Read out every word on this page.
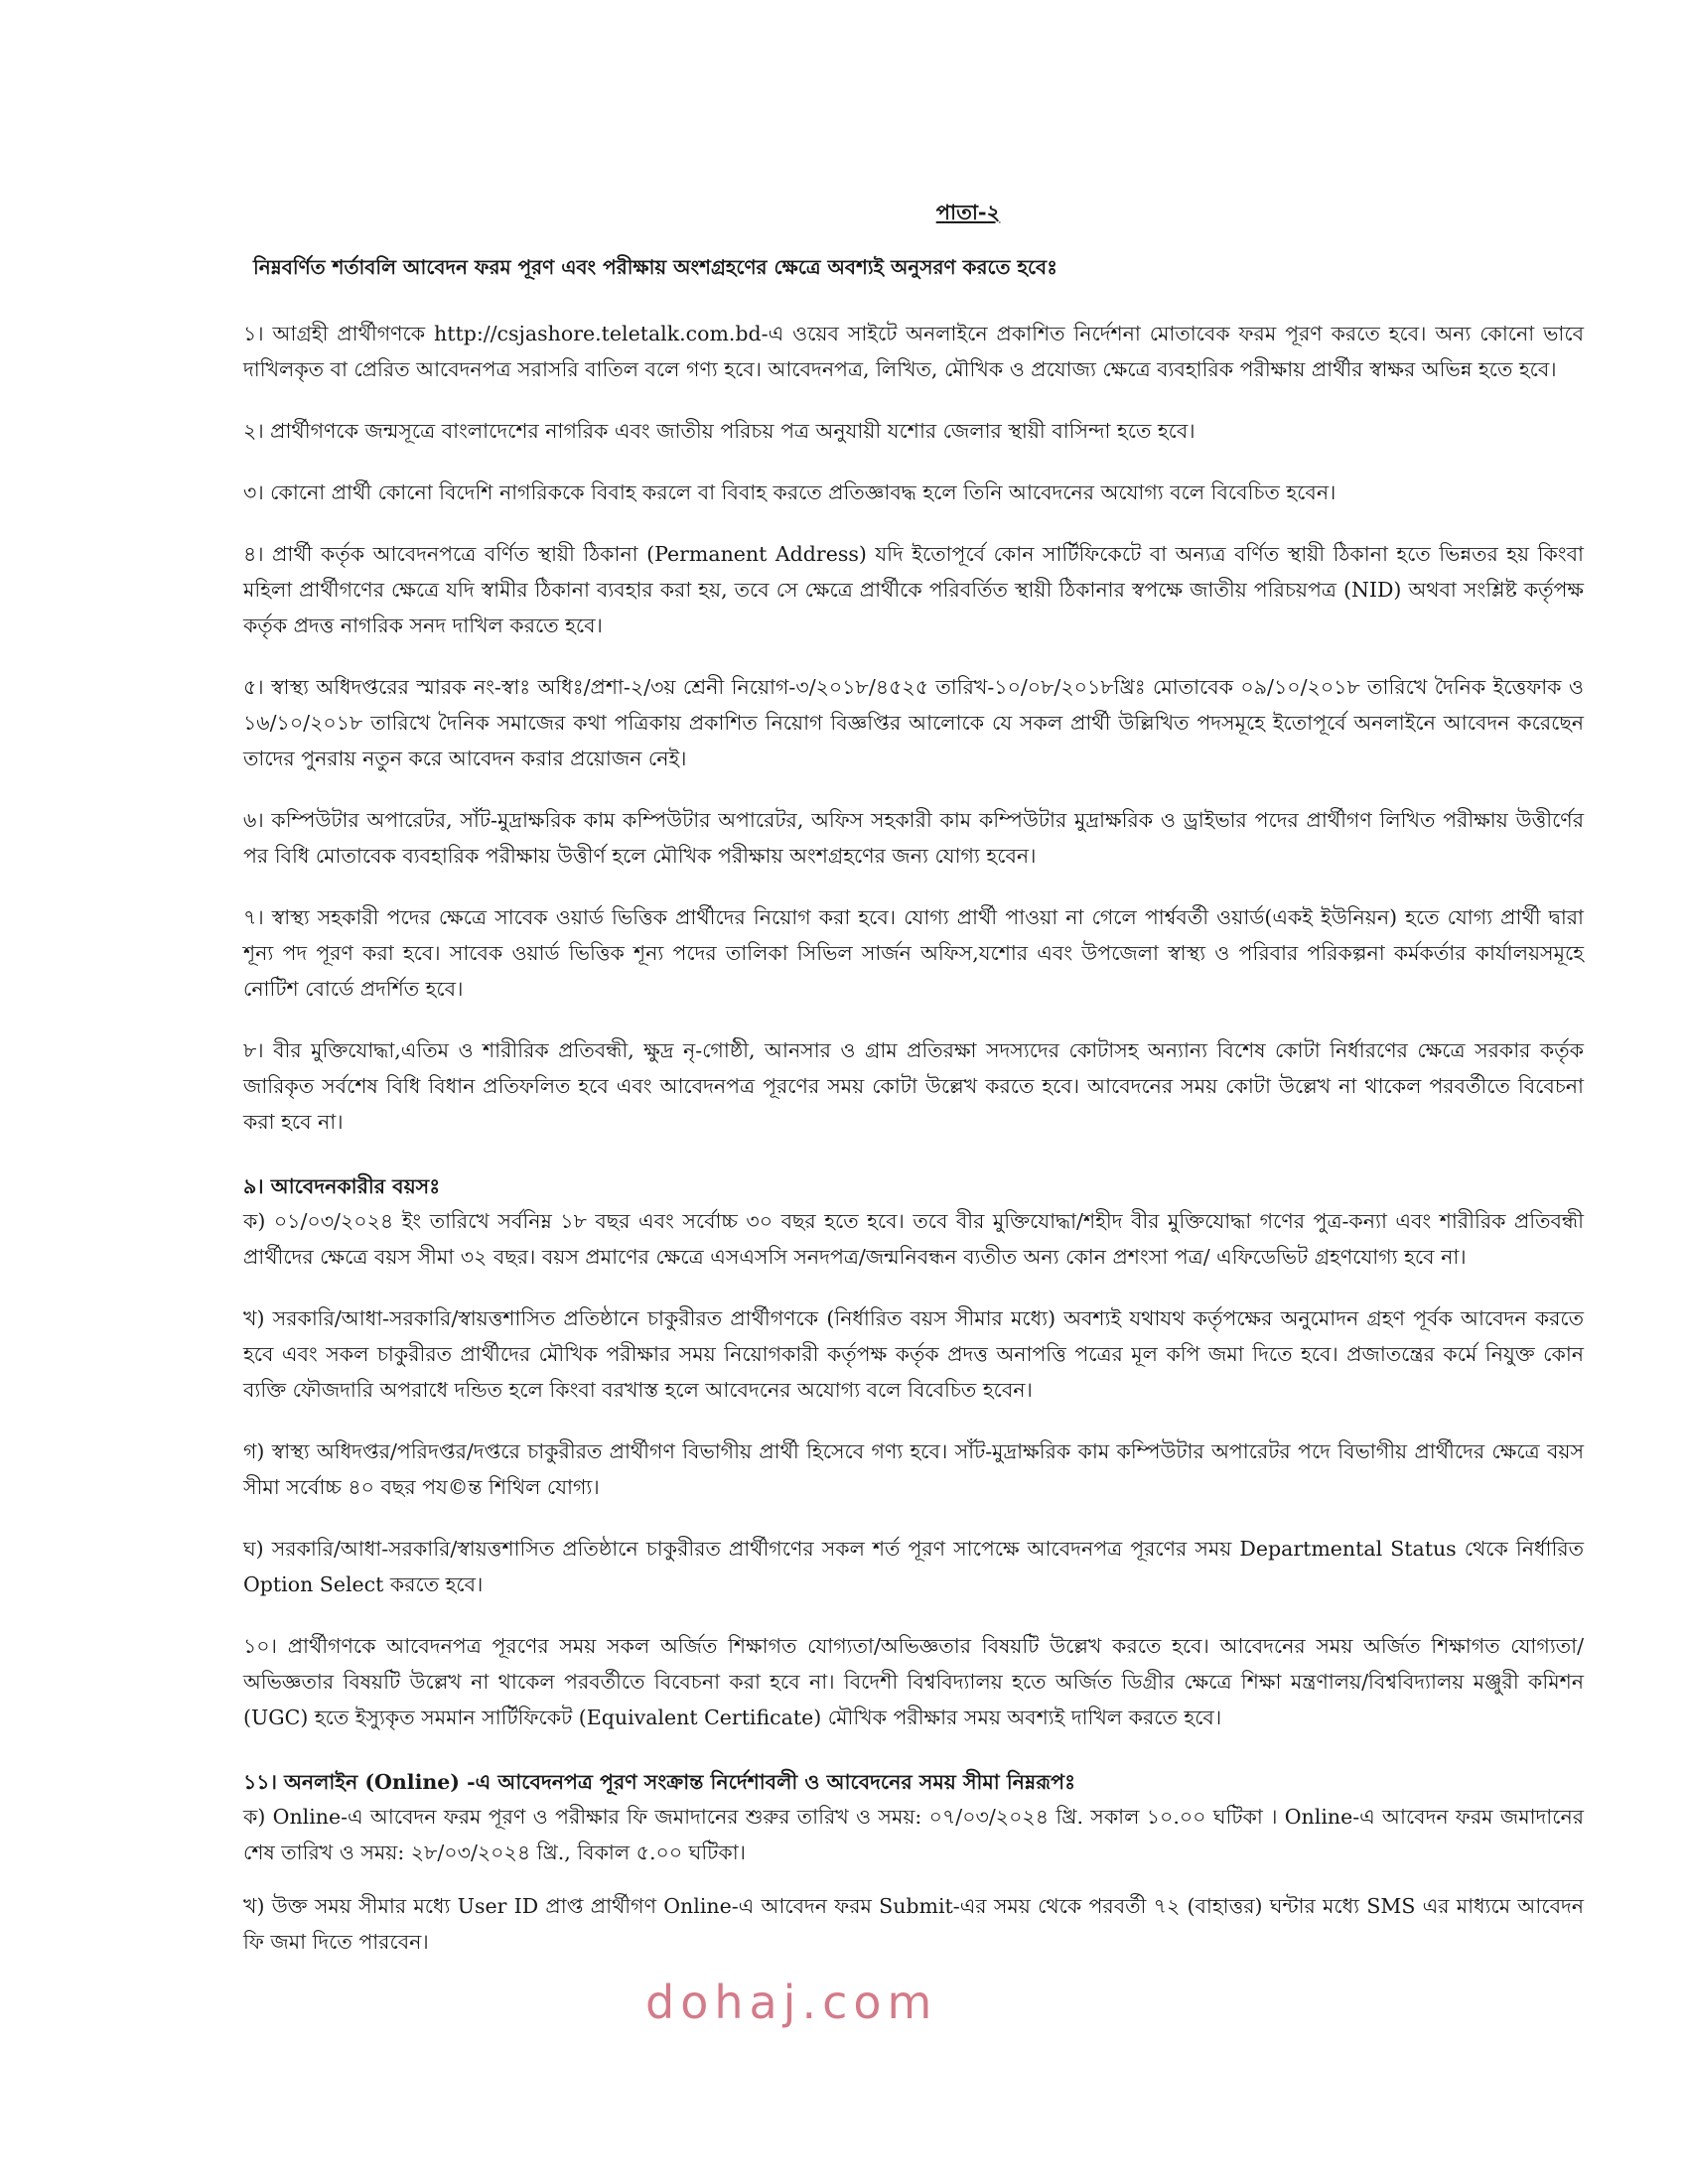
পাতা-২
নিম্নবর্ণিত শর্তাবলি আবেদন ফরম পূরণ এবং পরীক্ষায় অংশগ্রহণের ক্ষেত্রে অবশ্যই অনুসরণ করতে হবেঃ

১। আগ্রহী প্রার্থীগণকে http://csjashore.teletalk.com.bd-এ ওয়েব সাইটে অনলাইনে প্রকাশিত নির্দেশনা মোতাবেক ফরম পূরণ করতে হবে। অন্য কোনো ভাবে দাখিলকৃত বা প্রেরিত আবেদনপত্র সরাসরি বাতিল বলে গণ্য হবে। আবেদনপত্র, লিখিত, মৌখিক ও প্রযোজ্য ক্ষেত্রে ব্যবহারিক পরীক্ষায় প্রার্থীর স্বাক্ষর অভিন্ন হতে হবে।

২। প্রার্থীগণকে জন্মসূত্রে বাংলাদেশের নাগরিক এবং জাতীয় পরিচয় পত্র অনুযায়ী যশোর জেলার স্থায়ী বাসিন্দা হতে হবে।

৩। কোনো প্রার্থী কোনো বিদেশি নাগরিককে বিবাহ করলে বা বিবাহ করতে প্রতিজ্ঞাবদ্ধ হলে তিনি আবেদনের অযোগ্য বলে বিবেচিত হবেন।

৪। প্রার্থী কর্তৃক আবেদনপত্রে বর্ণিত স্থায়ী ঠিকানা (Permanent Address) যদি ইতোপূর্বে কোন সার্টিফিকেটে বা অন্যত্র বর্ণিত স্থায়ী ঠিকানা হতে ভিন্নতর হয় কিংবা মহিলা প্রার্থীগণের ক্ষেত্রে যদি স্বামীর ঠিকানা ব্যবহার করা হয়, তবে সে ক্ষেত্রে প্রার্থীকে পরিবর্তিত স্থায়ী ঠিকানার স্বপক্ষে জাতীয় পরিচয়পত্র (NID) অথবা সংশ্লিষ্ট কর্তৃপক্ষ কর্তৃক প্রদত্ত নাগরিক সনদ দাখিল করতে হবে।

৫। স্বাস্থ্য অধিদপ্তরের স্মারক নং-স্বাঃ অধিঃ/প্রশা-২/৩য় শ্রেনী নিয়োগ-৩/২০১৮/৪৫২৫ তারিখ-১০/০৮/২০১৮খ্রিঃ মোতাবেক ০৯/১০/২০১৮ তারিখে দৈনিক ইত্তেফাক ও ১৬/১০/২০১৮ তারিখে দৈনিক সমাজের কথা পত্রিকায় প্রকাশিত নিয়োগ বিজ্ঞপ্তির আলোকে যে সকল প্রার্থী উল্লিখিত পদসমূহে ইতোপূর্বে অনলাইনে আবেদন করেছেন তাদের পুনরায় নতুন করে আবেদন করার প্রয়োজন নেই।

৬। কম্পিউটার অপারেটর, সাঁট-মুদ্রাক্ষরিক কাম কম্পিউটার অপারেটর, অফিস সহকারী কাম কম্পিউটার মুদ্রাক্ষরিক ও ড্রাইভার পদের প্রার্থীগণ লিখিত পরীক্ষায় উত্তীর্ণের পর বিধি মোতাবেক ব্যবহারিক পরীক্ষায় উত্তীর্ণ হলে মৌখিক পরীক্ষায় অংশগ্রহণের জন্য যোগ্য হবেন।

৭। স্বাস্থ্য সহকারী পদের ক্ষেত্রে সাবেক ওয়ার্ড ভিত্তিক প্রার্থীদের নিয়োগ করা হবে। যোগ্য প্রার্থী পাওয়া না গেলে পার্শ্ববর্তী ওয়ার্ড(একই ইউনিয়ন) হতে যোগ্য প্রার্থী দ্বারা শূন্য পদ পূরণ করা হবে। সাবেক ওয়ার্ড ভিত্তিক শূন্য পদের তালিকা সিভিল সার্জন অফিস,যশোর এবং উপজেলা স্বাস্থ্য ও পরিবার পরিকল্পনা কর্মকর্তার কার্যালয়সমূহে নোটিশ বোর্ডে প্রদর্শিত হবে।

৮। বীর মুক্তিযোদ্ধা,এতিম ও শারীরিক প্রতিবন্ধী, ক্ষুদ্র নৃ-গোষ্ঠী, আনসার ও গ্রাম প্রতিরক্ষা সদস্যদের কোটাসহ অন্যান্য বিশেষ কোটা নির্ধারণের ক্ষেত্রে সরকার কর্তৃক জারিকৃত সর্বশেষ বিধি বিধান প্রতিফলিত হবে এবং আবেদনপত্র পূরণের সময় কোটা উল্লেখ করতে হবে। আবেদনের সময় কোটা উল্লেখ না থাকেল পরবর্তীতে বিবেচনা করা হবে না।

৯। আবেদনকারীর বয়সঃ

ক) ০১/০৩/২০২৪ ইং তারিখে সর্বনিম্ন ১৮ বছর এবং সর্বোচ্চ ৩০ বছর হতে হবে। তবে বীর মুক্তিযোদ্ধা/শহীদ বীর মুক্তিযোদ্ধা গণের পুত্র-কন্যা এবং শারীরিক প্রতিবন্ধী প্রার্থীদের ক্ষেত্রে বয়স সীমা ৩২ বছর। বয়স প্রমাণের ক্ষেত্রে এসএসসি সনদপত্র/জন্মনিবন্ধন ব্যতীত অন্য কোন প্রশংসা পত্র/ এফিডেভিট গ্রহণযোগ্য হবে না।

খ) সরকারি/আধা-সরকারি/স্বায়ত্তশাসিত প্রতিষ্ঠানে চাকুরীরত প্রার্থীগণকে (নির্ধারিত বয়স সীমার মধ্যে) অবশ্যই যথাযথ কর্তৃপক্ষের অনুমোদন গ্রহণ পূর্বক আবেদন করতে হবে এবং সকল চাকুরীরত প্রার্থীদের মৌখিক পরীক্ষার সময় নিয়োগকারী কর্তৃপক্ষ কর্তৃক প্রদত্ত অনাপত্তি পত্রের মূল কপি জমা দিতে হবে। প্রজাতন্ত্রের কর্মে নিযুক্ত কোন ব্যক্তি ফৌজদারি অপরাধে দন্ডিত হলে কিংবা বরখাস্ত হলে আবেদনের অযোগ্য বলে বিবেচিত হবেন।

গ) স্বাস্থ্য অধিদপ্তর/পরিদপ্তর/দপ্তরে চাকুরীরত প্রার্থীগণ বিভাগীয় প্রার্থী হিসেবে গণ্য হবে। সাঁট-মুদ্রাক্ষরিক কাম কম্পিউটার অপারেটর পদে বিভাগীয় প্রার্থীদের ক্ষেত্রে বয়স সীমা সর্বোচ্চ ৪০ বছর পয©ন্ত শিথিল যোগ্য।

ঘ) সরকারি/আধা-সরকারি/স্বায়ত্তশাসিত প্রতিষ্ঠানে চাকুরীরত প্রার্থীগণের সকল শর্ত পূরণ সাপেক্ষে আবেদনপত্র পূরণের সময় Departmental Status থেকে নির্ধারিত Option Select করতে হবে।

১০। প্রার্থীগণকে আবেদনপত্র পূরণের সময় সকল অর্জিত শিক্ষাগত যোগ্যতা/অভিজ্ঞতার বিষয়টি উল্লেখ করতে হবে। আবেদনের সময় অর্জিত শিক্ষাগত যোগ্যতা/অভিজ্ঞতার বিষয়টি উল্লেখ না থাকেল পরবর্তীতে বিবেচনা করা হবে না। বিদেশী বিশ্ববিদ্যালয় হতে অর্জিত ডিগ্রীর ক্ষেত্রে শিক্ষা মন্ত্রণালয়/বিশ্ববিদ্যালয় মঞ্জুরী কমিশন (UGC) হতে ইস্যুকৃত সমমান সার্টিফিকেট (Equivalent Certificate) মৌখিক পরীক্ষার সময় অবশ্যই দাখিল করতে হবে।

১১। অনলাইন (Online) -এ আবেদনপত্র পূরণ সংক্রান্ত নির্দেশাবলী ও আবেদনের সময় সীমা নিম্নরূপঃ

ক) Online-এ আবেদন ফরম পূরণ ও পরীক্ষার ফি জমাদানের শুরুর তারিখ ও সময়: ০৭/০৩/২০২৪ খ্রি. সকাল ১০.০০ ঘটিকা । Online-এ আবেদন ফরম জমাদানের শেষ তারিখ ও সময়: ২৮/০৩/২০২৪ খ্রি., বিকাল ৫.০০ ঘটিকা।

খ) উক্ত সময় সীমার মধ্যে User ID প্রাপ্ত প্রার্থীগণ Online-এ আবেদন ফরম Submit-এর সময় থেকে পরবর্তী ৭২ (বাহাত্তর) ঘন্টার মধ্যে SMS এর মাধ্যমে আবেদন ফি জমা দিতে পারবেন।

dohaj.com
